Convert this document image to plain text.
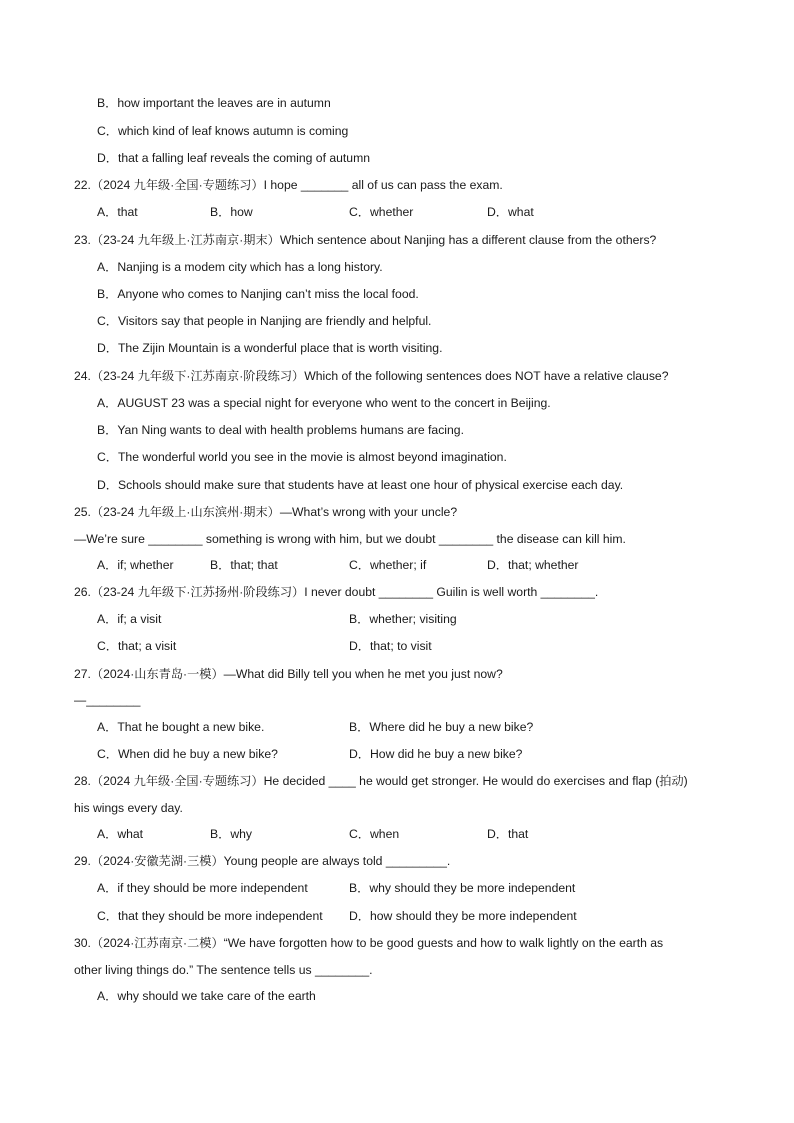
B．how important the leaves are in autumn
C．which kind of leaf knows autumn is coming
D．that a falling leaf reveals the coming of autumn
22.（2024 九年级·全国·专题练习）I hope _______ all of us can pass the exam.
A．that	B．how	C．whether	D．what
23.（23-24 九年级上·江苏南京·期末）Which sentence about Nanjing has a different clause from the others?
A．Nanjing is a modem city which has a long history.
B．Anyone who comes to Nanjing can’t miss the local food.
C．Visitors say that people in Nanjing are friendly and helpful.
D．The Zijin Mountain is a wonderful place that is worth visiting.
24.（23-24 九年级下·江苏南京·阶段练习）Which of the following sentences does NOT have a relative clause?
A．AUGUST 23 was a special night for everyone who went to the concert in Beijing.
B．Yan Ning wants to deal with health problems humans are facing.
C．The wonderful world you see in the movie is almost beyond imagination.
D．Schools should make sure that students have at least one hour of physical exercise each day.
25.（23-24 九年级上·山东滨州·期末）—What’s wrong with your uncle?
—We’re sure ________ something is wrong with him, but we doubt ________ the disease can kill him.
A．if; whether	B．that; that	C．whether; if	D．that; whether
26.（23-24 九年级下·江苏扬州·阶段练习）I never doubt ________ Guilin is well worth ________.
A．if; a visit	B．whether; visiting
C．that; a visit	D．that; to visit
27.（2024·山东青岛·一模）—What did Billy tell you when he met you just now?
—________
A．That he bought a new bike.	B．Where did he buy a new bike?
C．When did he buy a new bike?	D．How did he buy a new bike?
28.（2024 九年级·全国·专题练习）He decided ____ he would get stronger. He would do exercises and flap (拍动)
his wings every day.
A．what	B．why	C．when	D．that
29.（2024·安徽芜湖·三模）Young people are always told _________.
A．if they should be more independent	B．why should they be more independent
C．that they should be more independent D．how should they be more independent
30.（2024·江苏南京·二模）“We have forgotten how to be good guests and how to walk lightly on the earth as
other living things do.” The sentence tells us ________.
A．why should we take care of the earth
